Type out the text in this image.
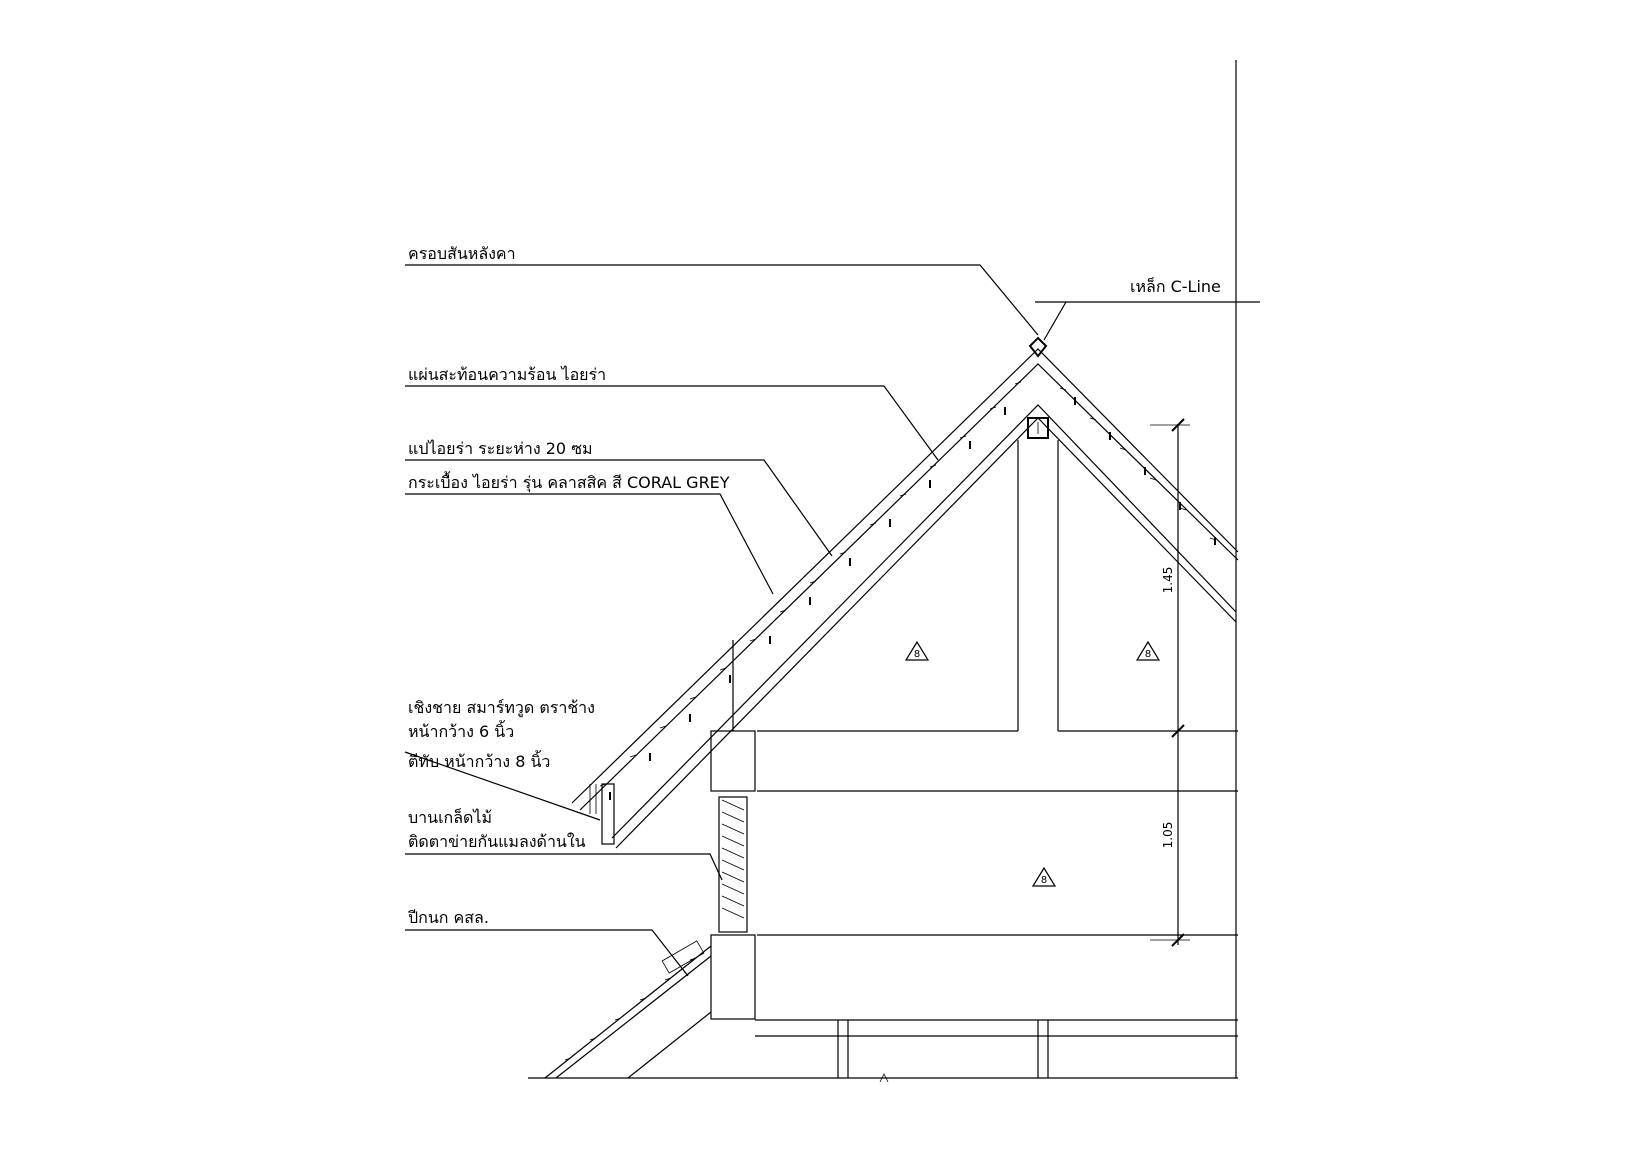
1.45
1.05
8	8
8
ครอบสันหลังคา
เหล็ก C-Line
แผ่นสะท้อนความร้อน ไอยร่า
แปไอยร่า ระยะห่าง 20 ซม
กระเบื้อง ไอยร่า รุ่น คลาสสิค สี CORAL GREY
เชิงชาย สมาร์ทวูด ตราช้าง
หน้ากว้าง 6 นิ้ว
ตีทับ หน้ากว้าง 8 นิ้ว
บานเกล็ดไม้
ติดตาข่ายกันแมลงด้านใน
ปีกนก คสล.
